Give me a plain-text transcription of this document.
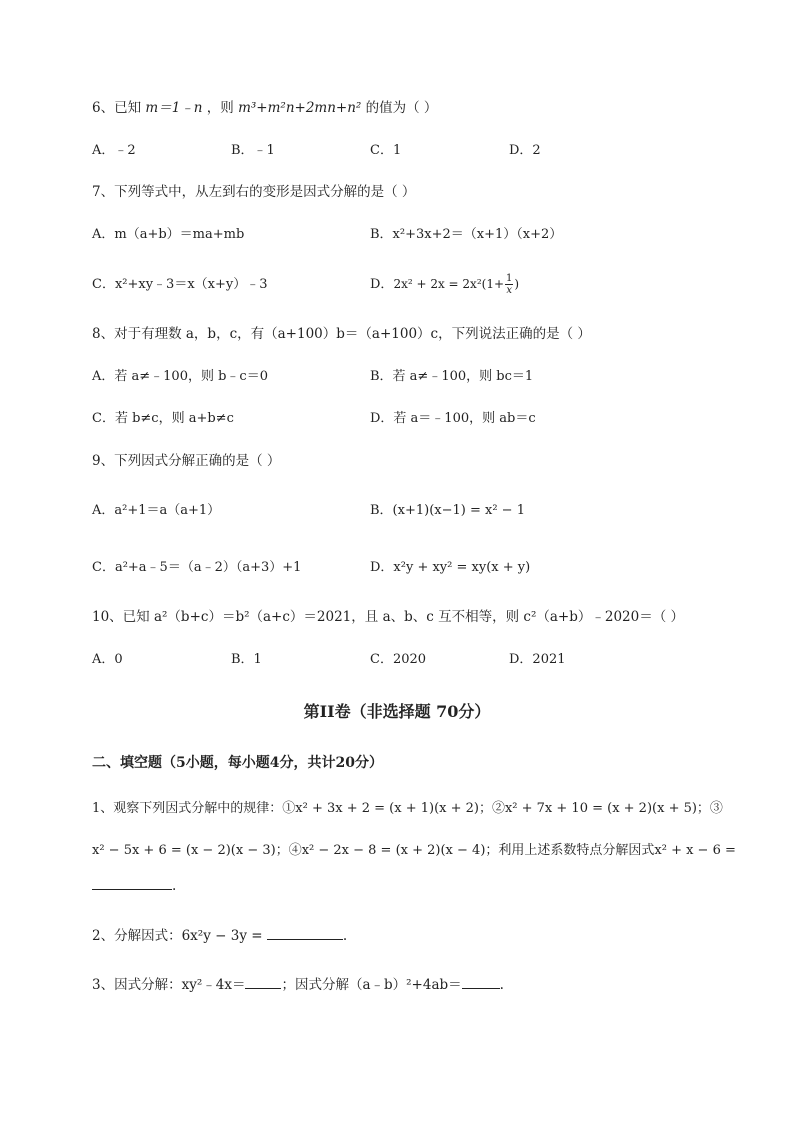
6、已知 m＝1﹣n ，则 m³+m²n+2mn+n² 的值为（ ）
A．﹣2	B．﹣1	C．1	D．2
7、下列等式中，从左到右的变形是因式分解的是（ ）
A．m（a+b）＝ma+mb	B．x²+3x+2＝（x+1）（x+2）
C．x²+xy﹣3＝x（x+y）﹣3	D．$2x^2 + 2x = 2x^2(1+ \frac{1}{x}$ )
8、对于有理数 a，b，c，有（a+100）b＝（a+100）c，下列说法正确的是（ ）
A．若 a≠﹣100，则 b﹣c＝0	B．若 a≠﹣100，则 bc＝1
C．若 b≠c，则 a+b≠c	D．若 a＝﹣100，则 ab＝c
9、下列因式分解正确的是（ ）
A．a²+1＝a（a+1）	B．(x+1)(x−1) = x² − 1
C．a²+a﹣5＝（a﹣2）（a+3）+1	D．x²y + xy² = xy(x + y)
10、已知 a²（b+c）＝b²（a+c）＝2021，且 a、b、c 互不相等，则 c²（a+b）﹣2020＝（ ）
A．0	B．1	C．2020	D．2021
第II卷（非选择题 70分）
二、填空题（5小题，每小题4分，共计20分）
1、观察下列因式分解中的规律：①x² + 3x + 2 = (x + 1)(x + 2)；②x² + 7x + 10 = (x + 2)(x + 5)；③
x² − 5x + 6 = (x − 2)(x − 3)；④x² − 2x − 8 = (x + 2)(x − 4)；利用上述系数特点分解因式x² + x − 6 =
.
2、分解因式：6x²y − 3y =	.
3、因式分解：xy²﹣4x＝	；因式分解（a﹣b）²+4ab＝	.
